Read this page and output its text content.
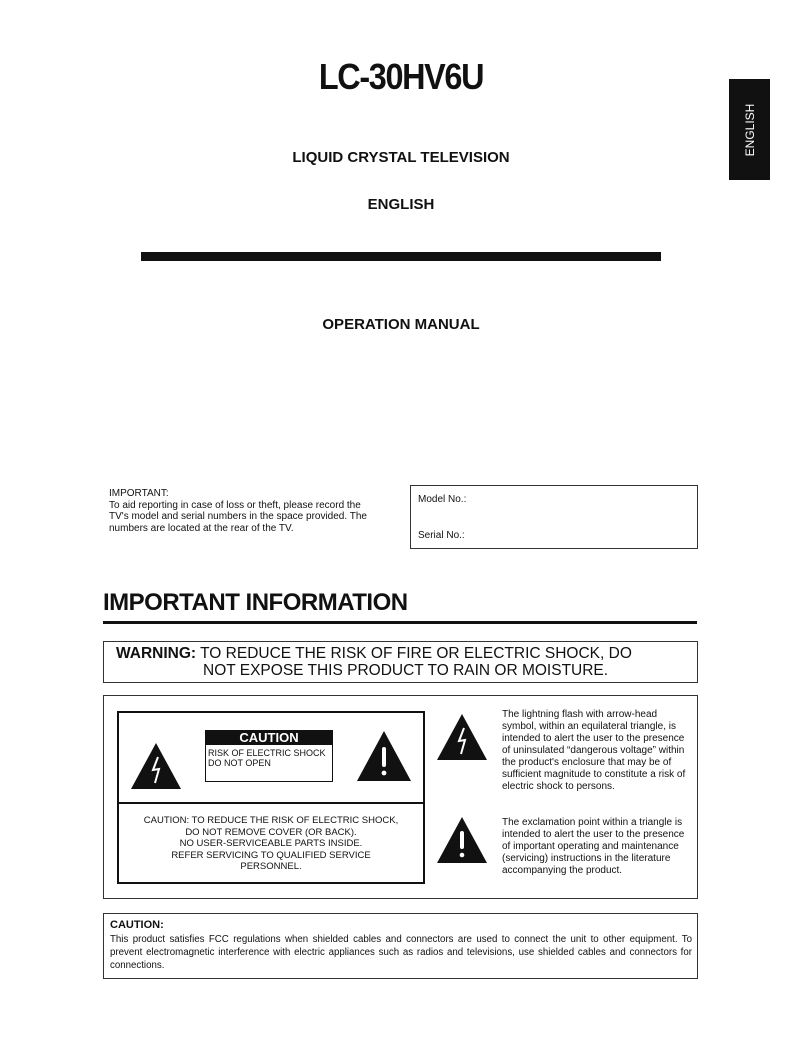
LC-30HV6U
ENGLISH
LIQUID CRYSTAL TELEVISION
ENGLISH
OPERATION MANUAL
IMPORTANT:
To aid reporting in case of loss or theft, please record the TV's model and serial numbers in the space provided. The numbers are located at the rear of the TV.
Model No.:
Serial No.:
IMPORTANT INFORMATION
WARNING: TO REDUCE THE RISK OF FIRE OR ELECTRIC SHOCK, DO
NOT EXPOSE THIS PRODUCT TO RAIN OR MOISTURE.
CAUTION
RISK OF ELECTRIC SHOCK
DO NOT OPEN
CAUTION: TO REDUCE THE RISK OF ELECTRIC SHOCK,
DO NOT REMOVE COVER (OR BACK).
NO USER-SERVICEABLE PARTS INSIDE.
REFER SERVICING TO QUALIFIED SERVICE
PERSONNEL.
The lightning flash with arrow-head symbol, within an equilateral triangle, is intended to alert the user to the presence of uninsulated “dangerous voltage” within the product's enclosure that may be of sufficient magnitude to constitute a risk of electric shock to persons.
The exclamation point within a triangle is intended to alert the user to the presence of important operating and maintenance (servicing) instructions in the literature accompanying the product.
CAUTION:
This product satisfies FCC regulations when shielded cables and connectors are used to connect the unit to other equipment. To prevent electromagnetic interference with electric appliances such as radios and televisions, use shielded cables and connectors for connections.
